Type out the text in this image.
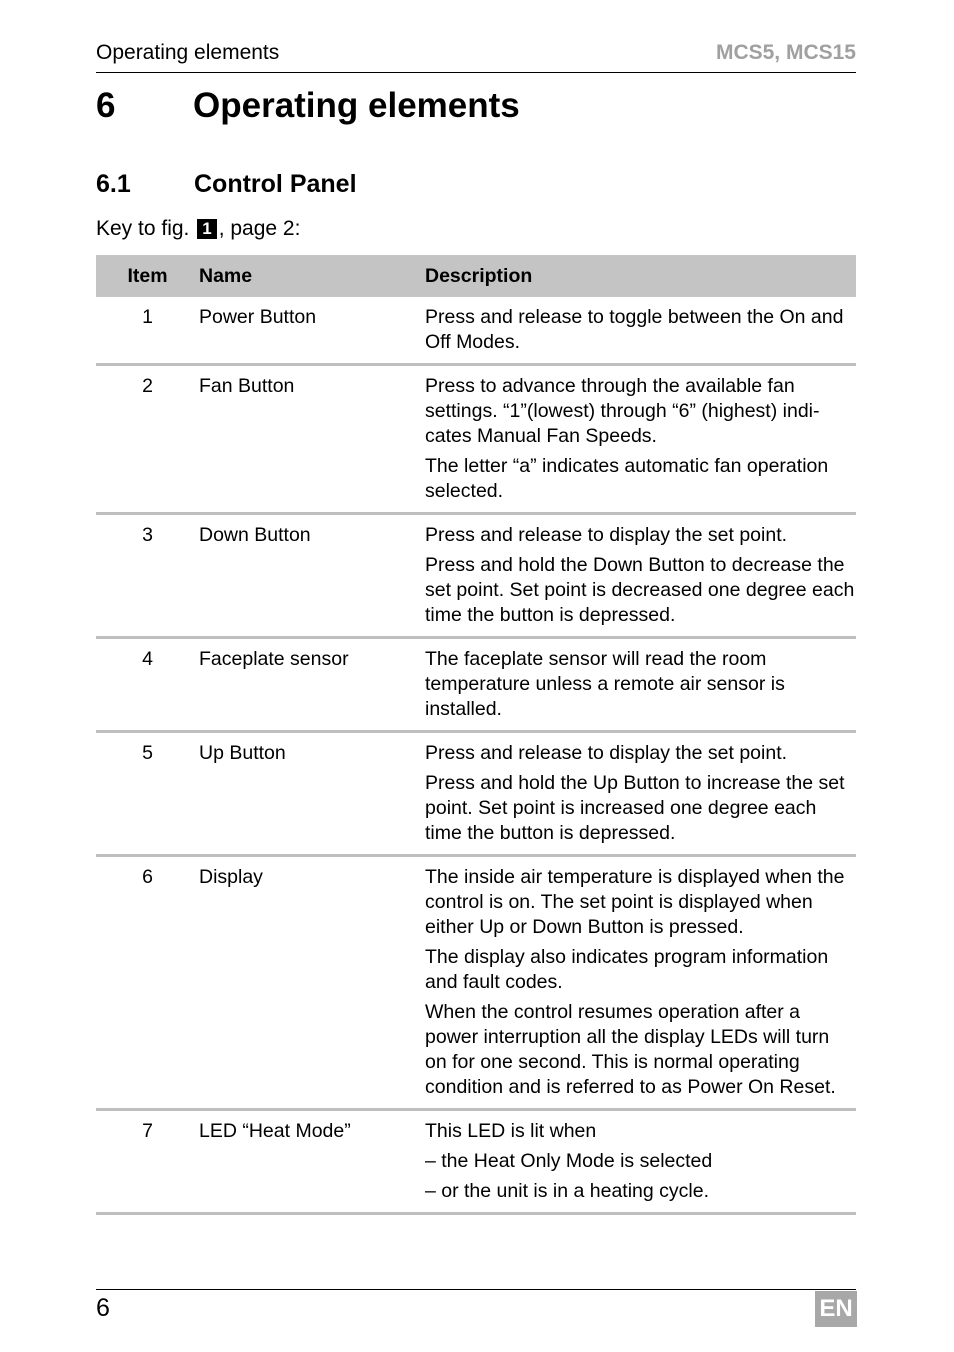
Operating elements	MCS5, MCS15
6 Operating elements
6.1	Control Panel
Key to fig. 1 , page 2:
Item	Name	Description
1	Power Button	Press and release to toggle between the On and Off Modes.

2	Fan Button	Press to advance through the available fan settings. “1”(lowest) through “6” (highest) indi-cates Manual Fan Speeds.

The letter “a” indicates automatic fan operation selected.

3	Down Button	Press and release to display the set point.

Press and hold the Down Button to decrease the set point. Set point is decreased one degree each time the button is depressed.

4	Faceplate sensor	The faceplate sensor will read the room temperature unless a remote air sensor is installed.

5	Up Button	Press and release to display the set point.

Press and hold the Up Button to increase the set point. Set point is increased one degree each time the button is depressed.

6	Display	The inside air temperature is displayed when the control is on. The set point is displayed when either Up or Down Button is pressed.

The display also indicates program information and fault codes.

When the control resumes operation after a power interruption all the display LEDs will turn on for one second. This is normal operating condition and is referred to as Power On Reset.

7	LED “Heat Mode”	This LED is lit when

– the Heat Only Mode is selected

– or the unit is in a heating cycle.

6	EN
